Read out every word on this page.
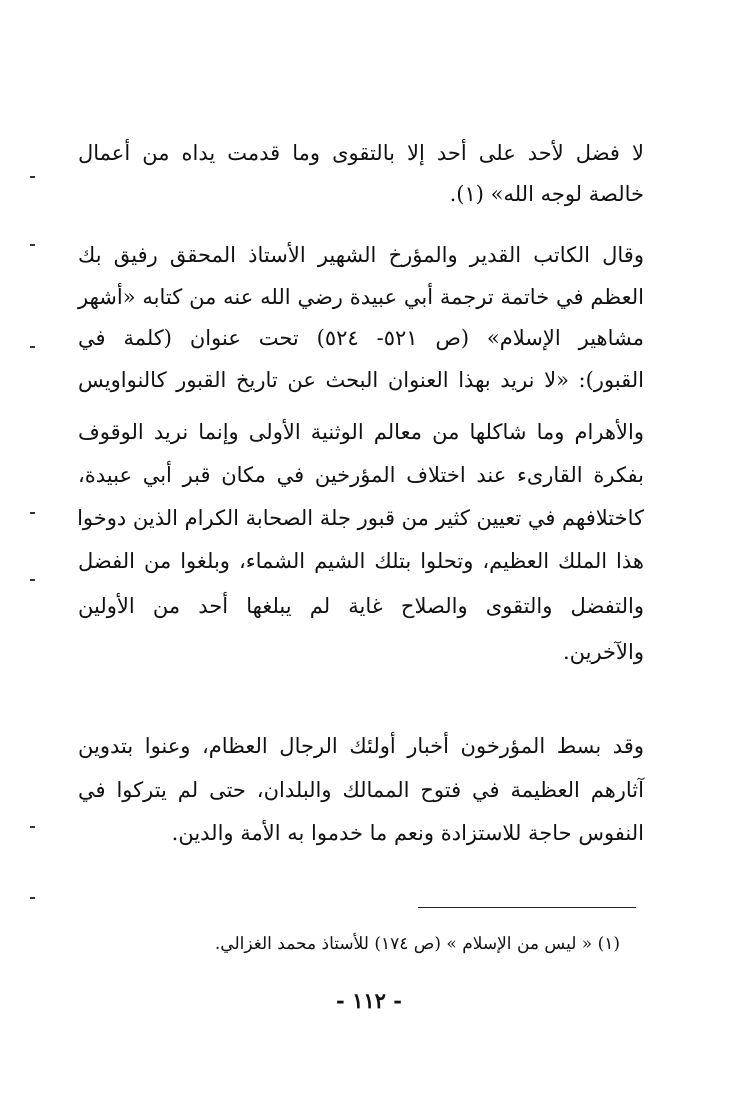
لا فضل لأحد على أحد إلا بالتقوى وما قدمت يداه من أعمال
خالصة لوجه الله» (١).
وقال الكاتب القدير والمؤرخ الشهير الأستاذ المحقق رفيق بك
العظم في خاتمة ترجمة أبي عبيدة رضي الله عنه من كتابه «أشهر
مشاهير الإسلام» (ص ٥٢١- ٥٢٤) تحت عنوان (كلمة في
القبور): «لا نريد بهذا العنوان البحث عن تاريخ القبور كالنواويس
والأهرام وما شاكلها من معالم الوثنية الأولى وإنما نريد الوقوف
بفكرة القارىء عند اختلاف المؤرخين في مكان قبر أبي عبيدة،
كاختلافهم في تعيين كثير من قبور جلة الصحابة الكرام الذين دوخوا
هذا الملك العظيم، وتحلوا بتلك الشيم الشماء، وبلغوا من الفضل
والتفضل والتقوى والصلاح غاية لم يبلغها أحد من الأولين
والآخرين.
وقد بسط المؤرخون أخبار أولئك الرجال العظام، وعنوا بتدوين
آثارهم العظيمة في فتوح الممالك والبلدان، حتى لم يتركوا في
النفوس حاجة للاستزادة ونعم ما خدموا به الأمة والدين.
(١) « ليس من الإسلام » (ص ١٧٤) للأستاذ محمد الغزالي.
- ١١٢ -
